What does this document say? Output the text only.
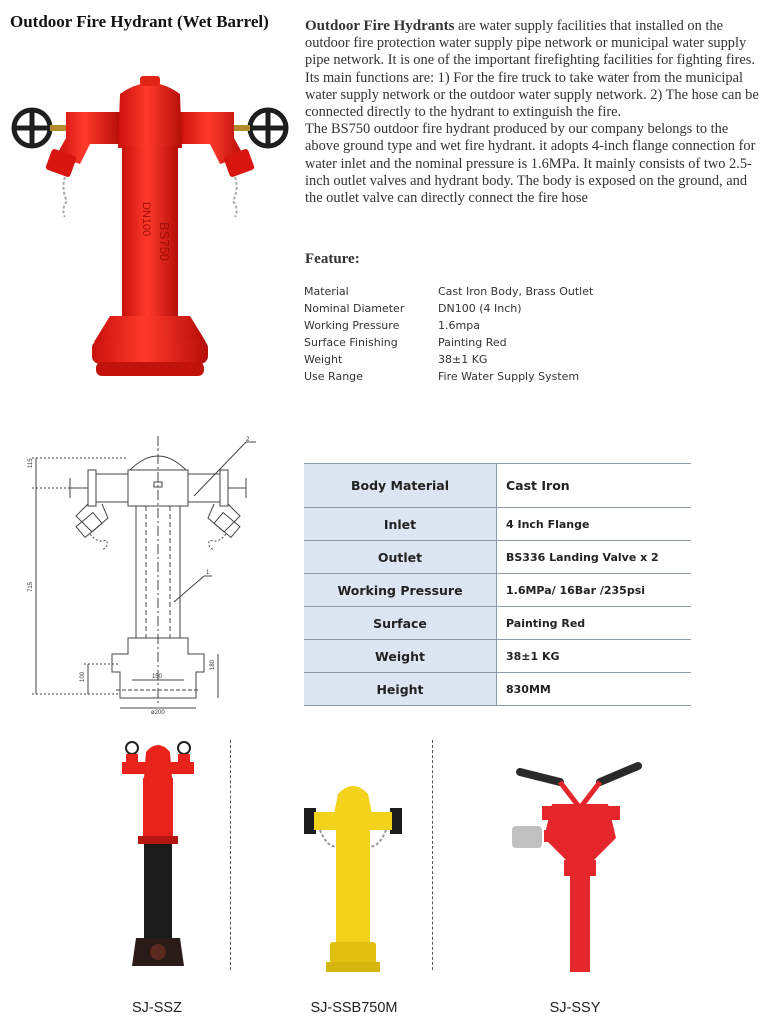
Outdoor Fire Hydrant (Wet Barrel)
DN100
BS750

Outdoor Fire Hydrants are water supply facilities that installed on the outdoor fire protection water supply pipe network or municipal water supply pipe network. It is one of the important firefighting facilities for fighting fires. Its main functions are: 1) For the fire truck to take water from the municipal water supply network or the outdoor water supply network. 2) The hose can be connected directly to the hydrant to extinguish the fire.

The BS750 outdoor fire hydrant produced by our company belongs to the above ground type and wet fire hydrant. it adopts 4-inch flange connection for water inlet and the nominal pressure is 1.6MPa. It mainly consists of two 2.5-inch outlet valves and hydrant body. The body is exposed on the ground, and the outlet valve can directly connect the fire hose

Feature:
Material	Cast Iron Body, Brass Outlet
Nominal Diameter	DN100 (4 Inch)
Working Pressure	1.6mpa
Surface Finishing	Painting Red
Weight	38±1 KG
Use Range	Fire Water Supply System
2
1
115
715
100
180
150
ø200
Body Material	Cast Iron
Inlet	4 Inch Flange
Outlet	BS336 Landing Valve x 2
Working Pressure	1.6MPa/ 16Bar /235psi
Surface	Painting Red
Weight	38±1 KG
Height	830MM
SJ-SSZ	SJ-SSB750M	SJ-SSY
